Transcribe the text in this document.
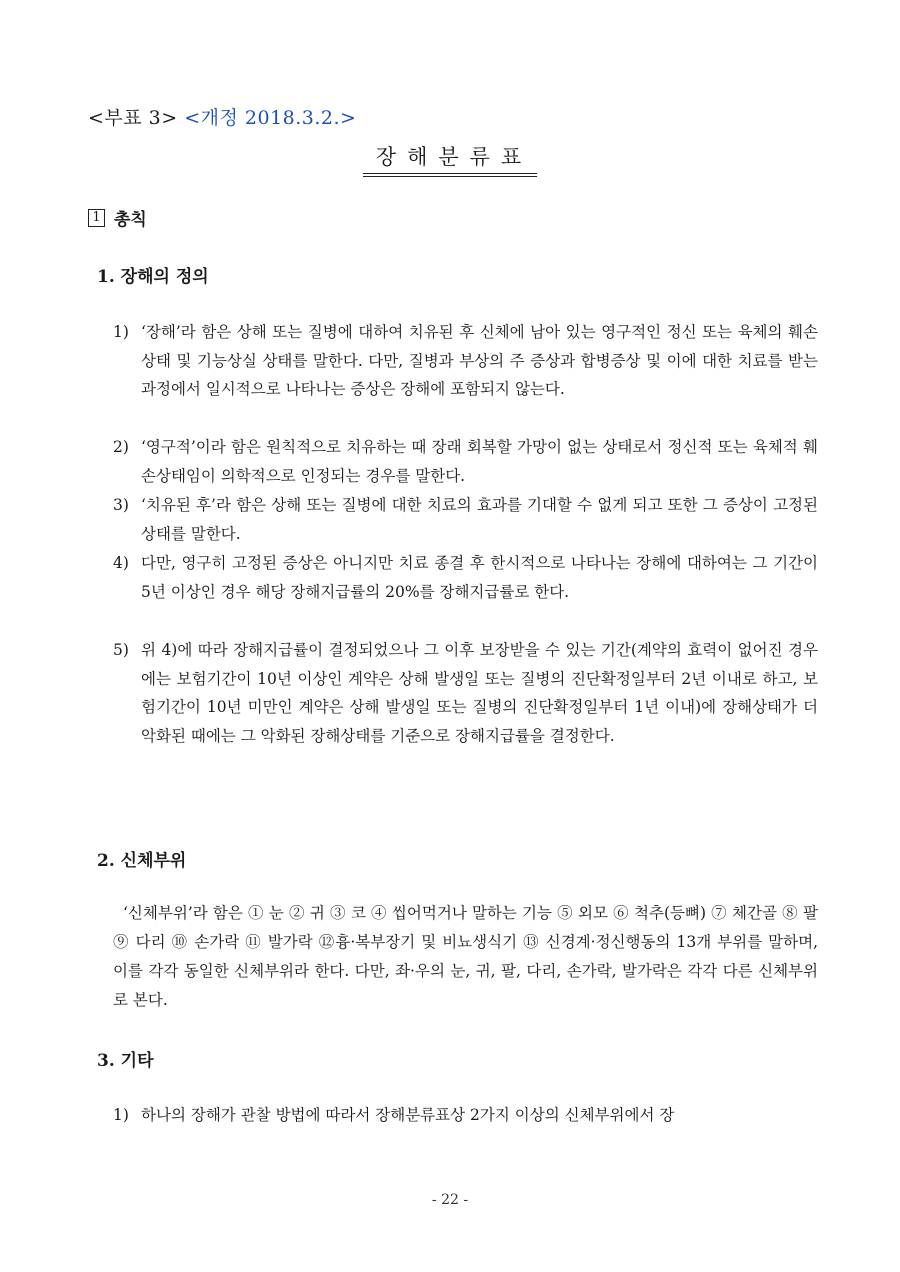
<부표 3> <개정 2018.3.2.>
장해분류표
1 총칙
1. 장해의 정의
1) ‘장해’라 함은 상해 또는 질병에 대하여 치유된 후 신체에 남아 있는 영구적인 정신 또는 육체의 훼손상태 및 기능상실 상태를 말한다. 다만, 질병과 부상의 주 증상과 합병증상 및 이에 대한 치료를 받는 과정에서 일시적으로 나타나는 증상은 장해에 포함되지 않는다.
2) ‘영구적’이라 함은 원칙적으로 치유하는 때 장래 회복할 가망이 없는 상태로서 정신적 또는 육체적 훼손상태임이 의학적으로 인정되는 경우를 말한다.
3) ‘치유된 후’라 함은 상해 또는 질병에 대한 치료의 효과를 기대할 수 없게 되고 또한 그 증상이 고정된 상태를 말한다.
4) 다만, 영구히 고정된 증상은 아니지만 치료 종결 후 한시적으로 나타나는 장해에 대하여는 그 기간이 5년 이상인 경우 해당 장해지급률의 20%를 장해지급률로 한다.
5) 위 4)에 따라 장해지급률이 결정되었으나 그 이후 보장받을 수 있는 기간(계약의 효력이 없어진 경우에는 보험기간이 10년 이상인 계약은 상해 발생일 또는 질병의 진단확정일부터 2년 이내로 하고, 보험기간이 10년 미만인 계약은 상해 발생일 또는 질병의 진단확정일부터 1년 이내)에 장해상태가 더 악화된 때에는 그 악화된 장해상태를 기준으로 장해지급률을 결정한다.
2. 신체부위
‘신체부위’라 함은 ① 눈 ② 귀 ③ 코 ④ 씹어먹거나 말하는 기능 ⑤ 외모 ⑥ 척추(등뼈) ⑦ 체간골 ⑧ 팔 ⑨ 다리 ⑩ 손가락 ⑪ 발가락 ⑫흉·복부장기 및 비뇨생식기 ⑬ 신경계·정신행동의 13개 부위를 말하며, 이를 각각 동일한 신체부위라 한다. 다만, 좌·우의 눈, 귀, 팔, 다리, 손가락, 발가락은 각각 다른 신체부위로 본다.
3. 기타
1) 하나의 장해가 관찰 방법에 따라서 장해분류표상 2가지 이상의 신체부위에서 장
- 22 -
